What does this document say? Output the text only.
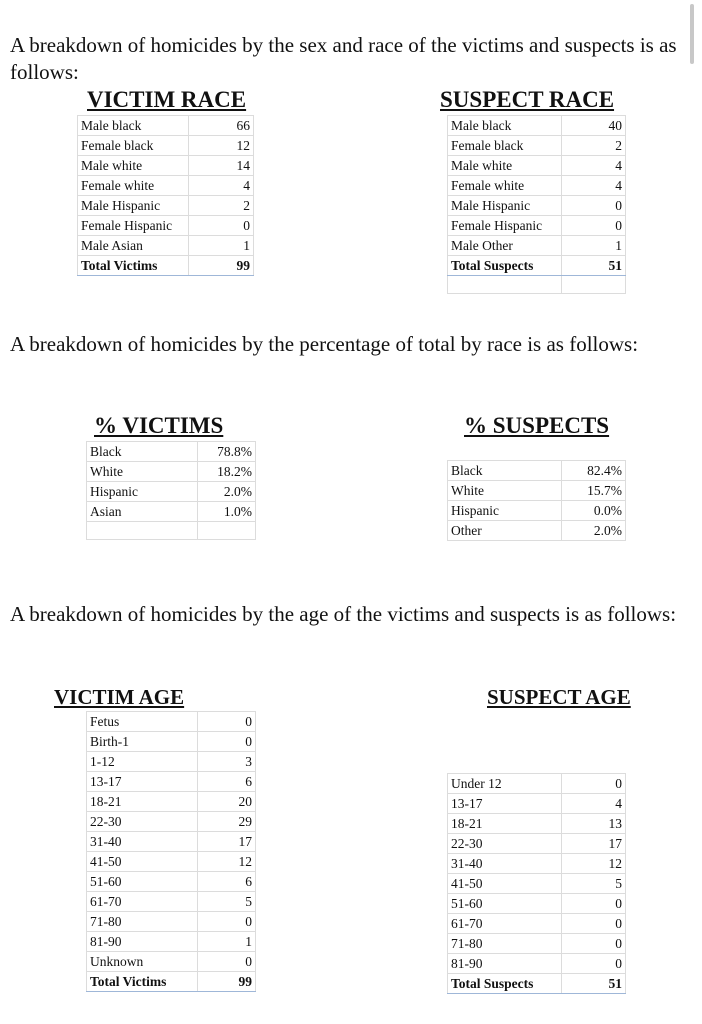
A breakdown of homicides by the sex and race of the victims and suspects is as follows:

VICTIM RACE
Male black	66
Female black	12
Male white	14
Female white	4
Male Hispanic	2
Female Hispanic	0
Male Asian	1
Total Victims	99
SUSPECT RACE
Male black	40
Female black	2
Male white	4
Female white	4
Male Hispanic	0
Female Hispanic	0
Male Other	1
Total Suspects	51

A breakdown of homicides by the percentage of total by race is as follows:

% VICTIMS
Black	78.8%
White	18.2%
Hispanic	2.0%
Asian	1.0%

% SUSPECTS
Black	82.4%
White	15.7%
Hispanic	0.0%
Other	2.0%

A breakdown of homicides by the age of the victims and suspects is as follows:

VICTIM AGE
Fetus	0
Birth-1	0
1-12	3
13-17	6
18-21	20
22-30	29
31-40	17
41-50	12
51-60	6
61-70	5
71-80	0
81-90	1
Unknown	0
Total Victims	99
SUSPECT AGE
Under 12	0
13-17	4
18-21	13
22-30	17
31-40	12
41-50	5
51-60	0
61-70	0
71-80	0
81-90	0
Total Suspects	51
